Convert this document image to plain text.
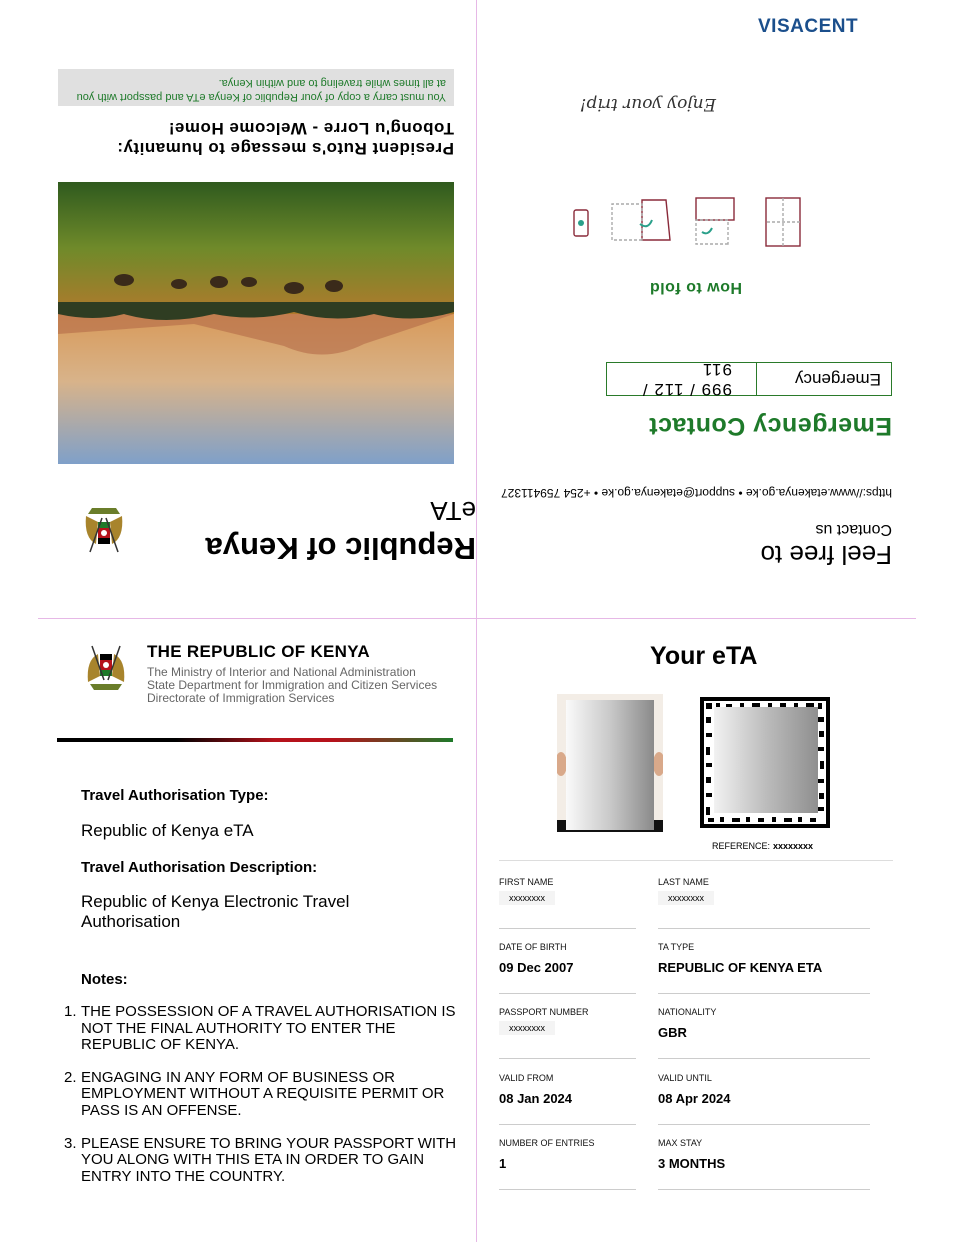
VISACENT
Republic of Kenya
eTA
President Ruto's message to humanity:
Tobong'u Lorre - Welcome Home!
You must carry a copy of your Republic of Kenya eTA and passport with you at all times while traveling to and within Kenya.
Feel free to
Contact us
https://www.etakenya.go.ke • support@etakenya.go.ke • +254 759411327
Emergency Contact
Emergency
999 / 112 / 911
How to fold
Enjoy your trip!
THE REPUBLIC OF KENYA
The Ministry of Interior and National Administration
State Department for Immigration and Citizen Services
Directorate of Immigration Services
Travel Authorisation Type:
Republic of Kenya eTA
Travel Authorisation Description:
Republic of Kenya Electronic Travel Authorisation
Notes:
1. THE POSSESSION OF A TRAVEL AUTHORISATION IS NOT THE FINAL AUTHORITY TO ENTER THE REPUBLIC OF KENYA.
2. ENGAGING IN ANY FORM OF BUSINESS OR EMPLOYMENT WITHOUT A REQUISITE PERMIT OR PASS IS AN OFFENSE.
3. PLEASE ENSURE TO BRING YOUR PASSPORT WITH YOU ALONG WITH THIS ETA IN ORDER TO GAIN ENTRY INTO THE COUNTRY.
Your eTA
REFERENCE: xxxxxxxx
FIRST NAME
xxxxxxxx
LAST NAME
xxxxxxxx
DATE OF BIRTH
09 Dec 2007
TA TYPE
REPUBLIC OF KENYA ETA
PASSPORT NUMBER
xxxxxxxx
NATIONALITY
GBR
VALID FROM
08 Jan 2024
VALID UNTIL
08 Apr 2024
NUMBER OF ENTRIES
1
MAX STAY
3 MONTHS
